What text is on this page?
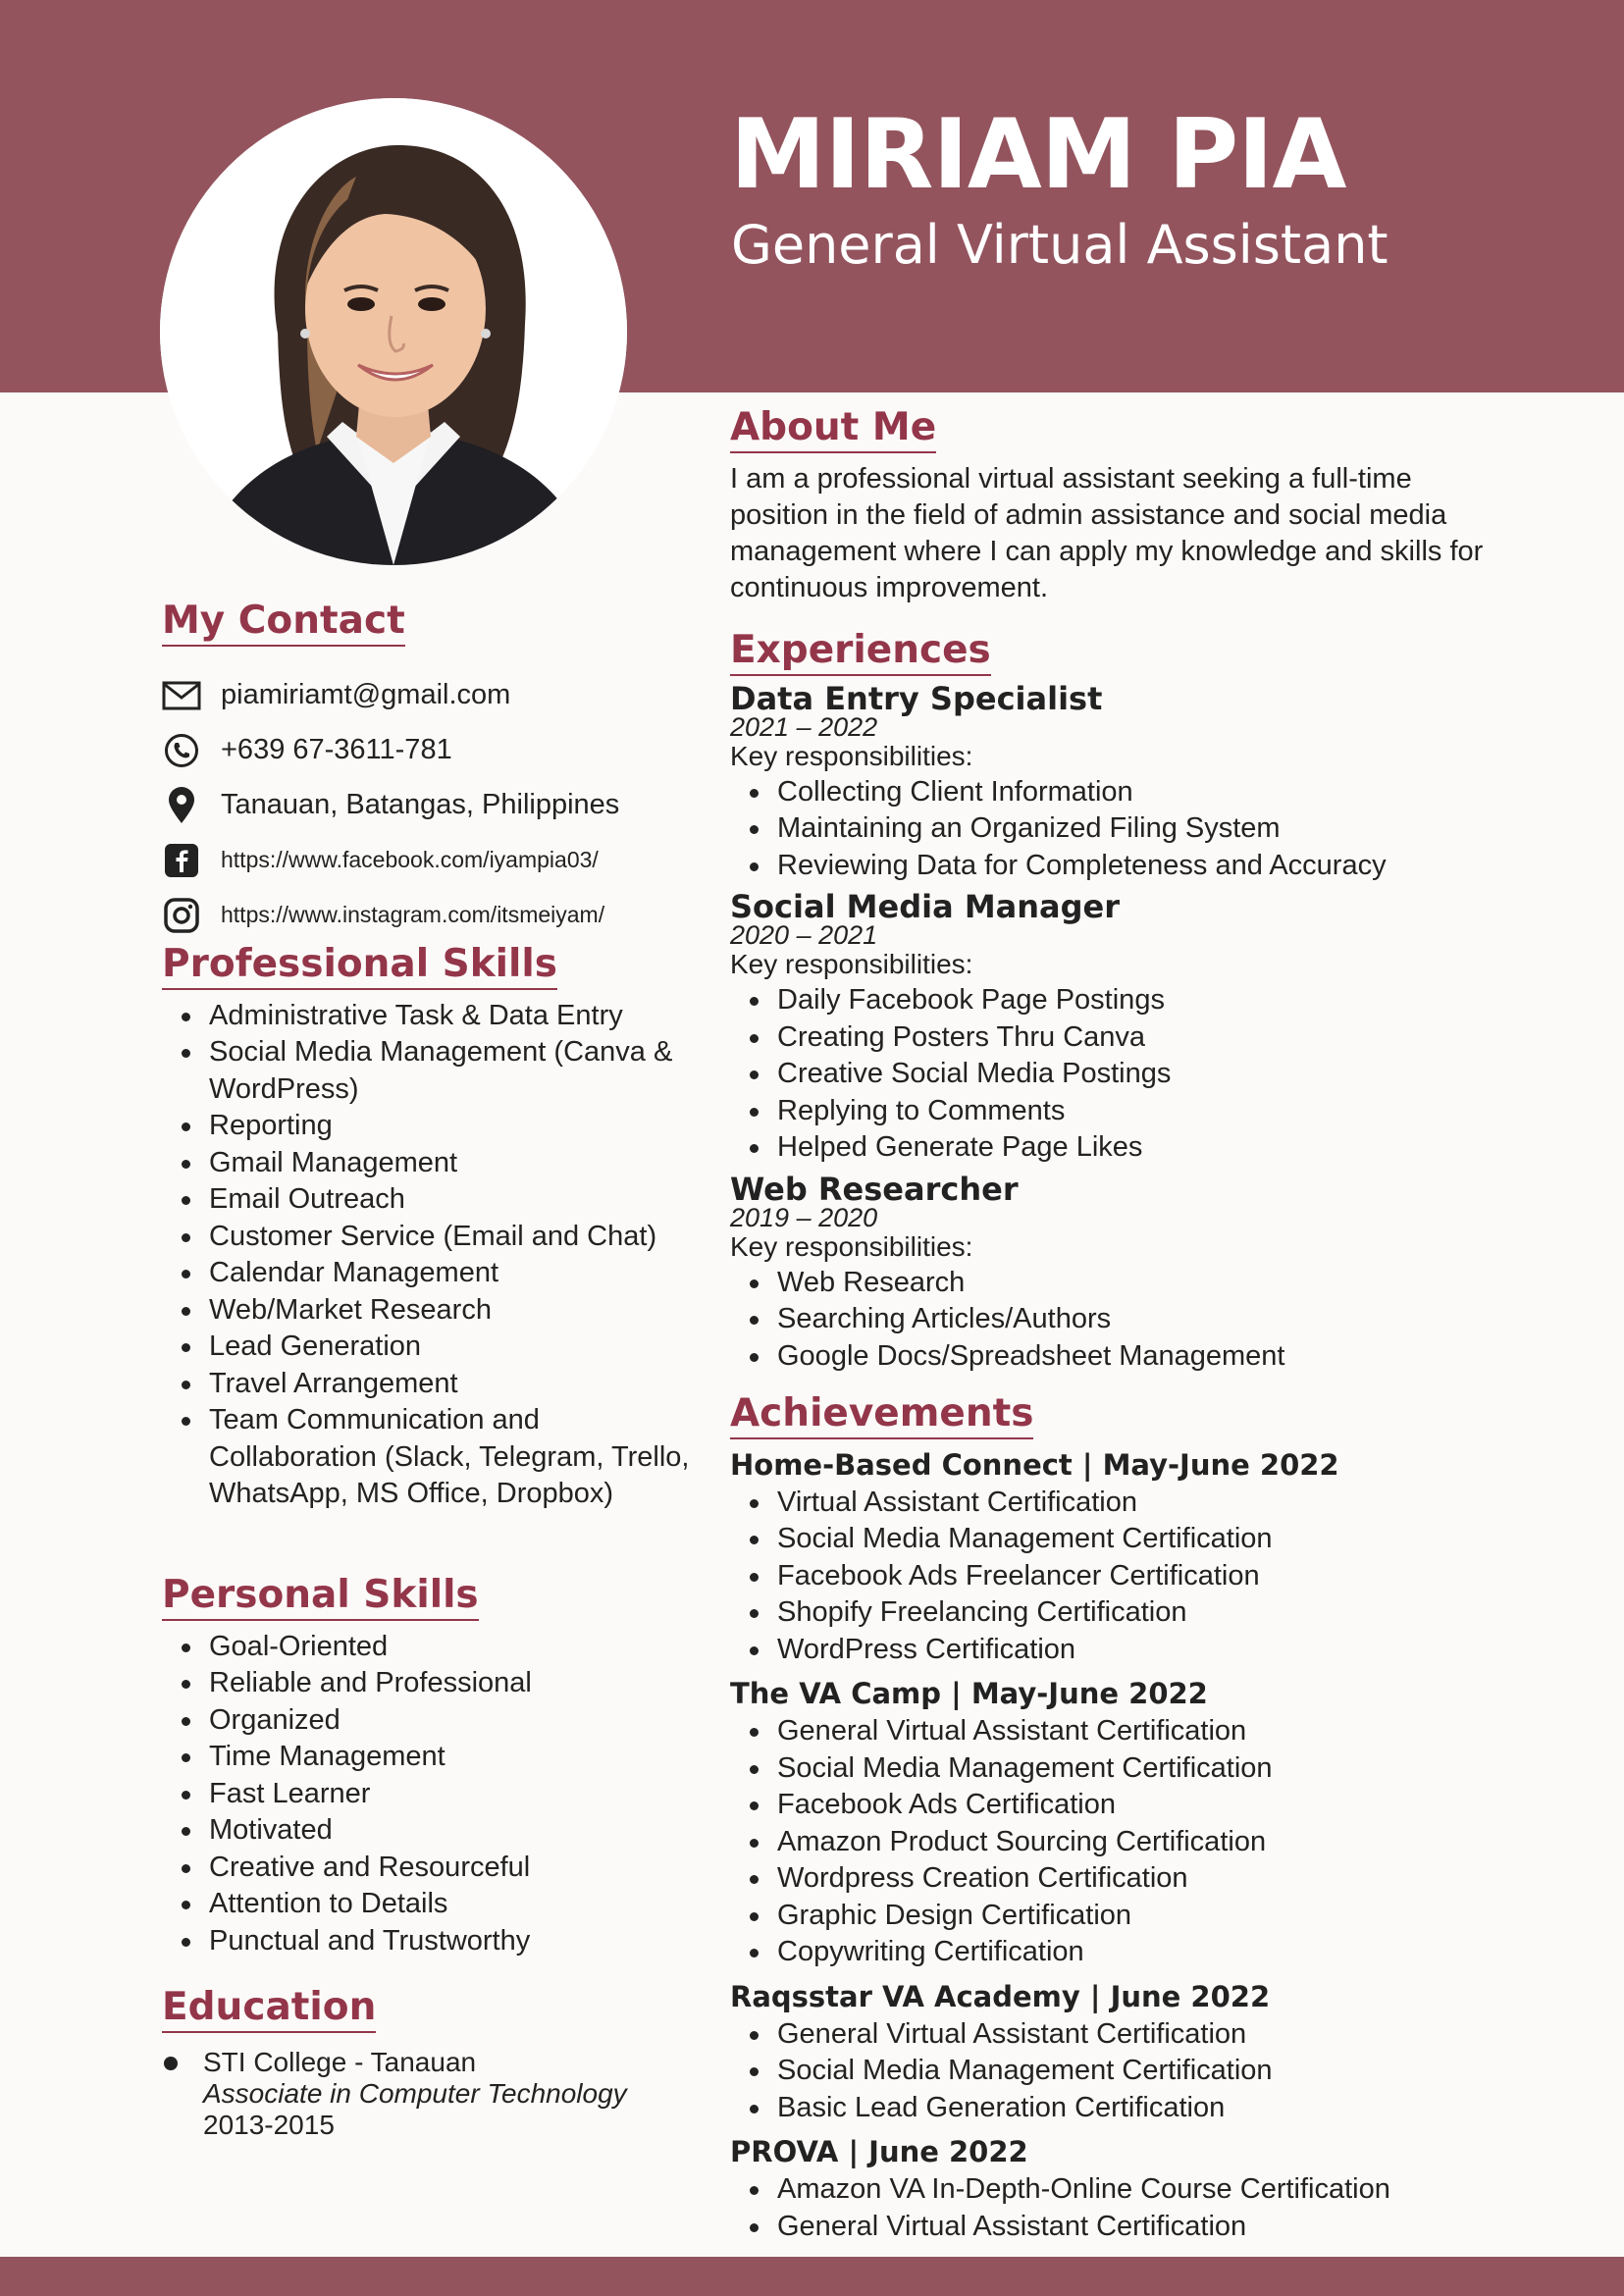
MIRIAM PIA
General Virtual Assistant
My Contact
piamiriamt@gmail.com
+639 67-3611-781
Tanauan, Batangas, Philippines
https://www.facebook.com/iyampia03/
https://www.instagram.com/itsmeiyam/
Professional Skills
Administrative Task & Data Entry
Social Media Management (Canva & WordPress)
Reporting
Gmail Management
Email Outreach
Customer Service (Email and Chat)
Calendar Management
Web/Market Research
Lead Generation
Travel Arrangement
Team Communication and Collaboration (Slack, Telegram, Trello, WhatsApp, MS Office, Dropbox)
Personal Skills
Goal-Oriented
Reliable and Professional
Organized
Time Management
Fast Learner
Motivated
Creative and Resourceful
Attention to Details
Punctual and Trustworthy
Education
STI College - Tanauan
Associate in Computer Technology
2013-2015
About Me

I am a professional virtual assistant seeking a full-time position in the field of admin assistance and social media management where I can apply my knowledge and skills for continuous improvement.

Experiences
Data Entry Specialist
2021 – 2022
Key responsibilities:
Collecting Client Information
Maintaining an Organized Filing System
Reviewing Data for Completeness and Accuracy
Social Media Manager
2020 – 2021
Key responsibilities:
Daily Facebook Page Postings
Creating Posters Thru Canva
Creative Social Media Postings
Replying to Comments
Helped Generate Page Likes
Web Researcher
2019 – 2020
Key responsibilities:
Web Research
Searching Articles/Authors
Google Docs/Spreadsheet Management
Achievements
Home-Based Connect | May-June 2022
Virtual Assistant Certification
Social Media Management Certification
Facebook Ads Freelancer Certification
Shopify Freelancing Certification
WordPress Certification
The VA Camp | May-June 2022
General Virtual Assistant Certification
Social Media Management Certification
Facebook Ads Certification
Amazon Product Sourcing Certification
Wordpress Creation Certification
Graphic Design Certification
Copywriting Certification
Raqsstar VA Academy | June 2022
General Virtual Assistant Certification
Social Media Management Certification
Basic Lead Generation Certification
PROVA | June 2022
Amazon VA In-Depth-Online Course Certification
General Virtual Assistant Certification
